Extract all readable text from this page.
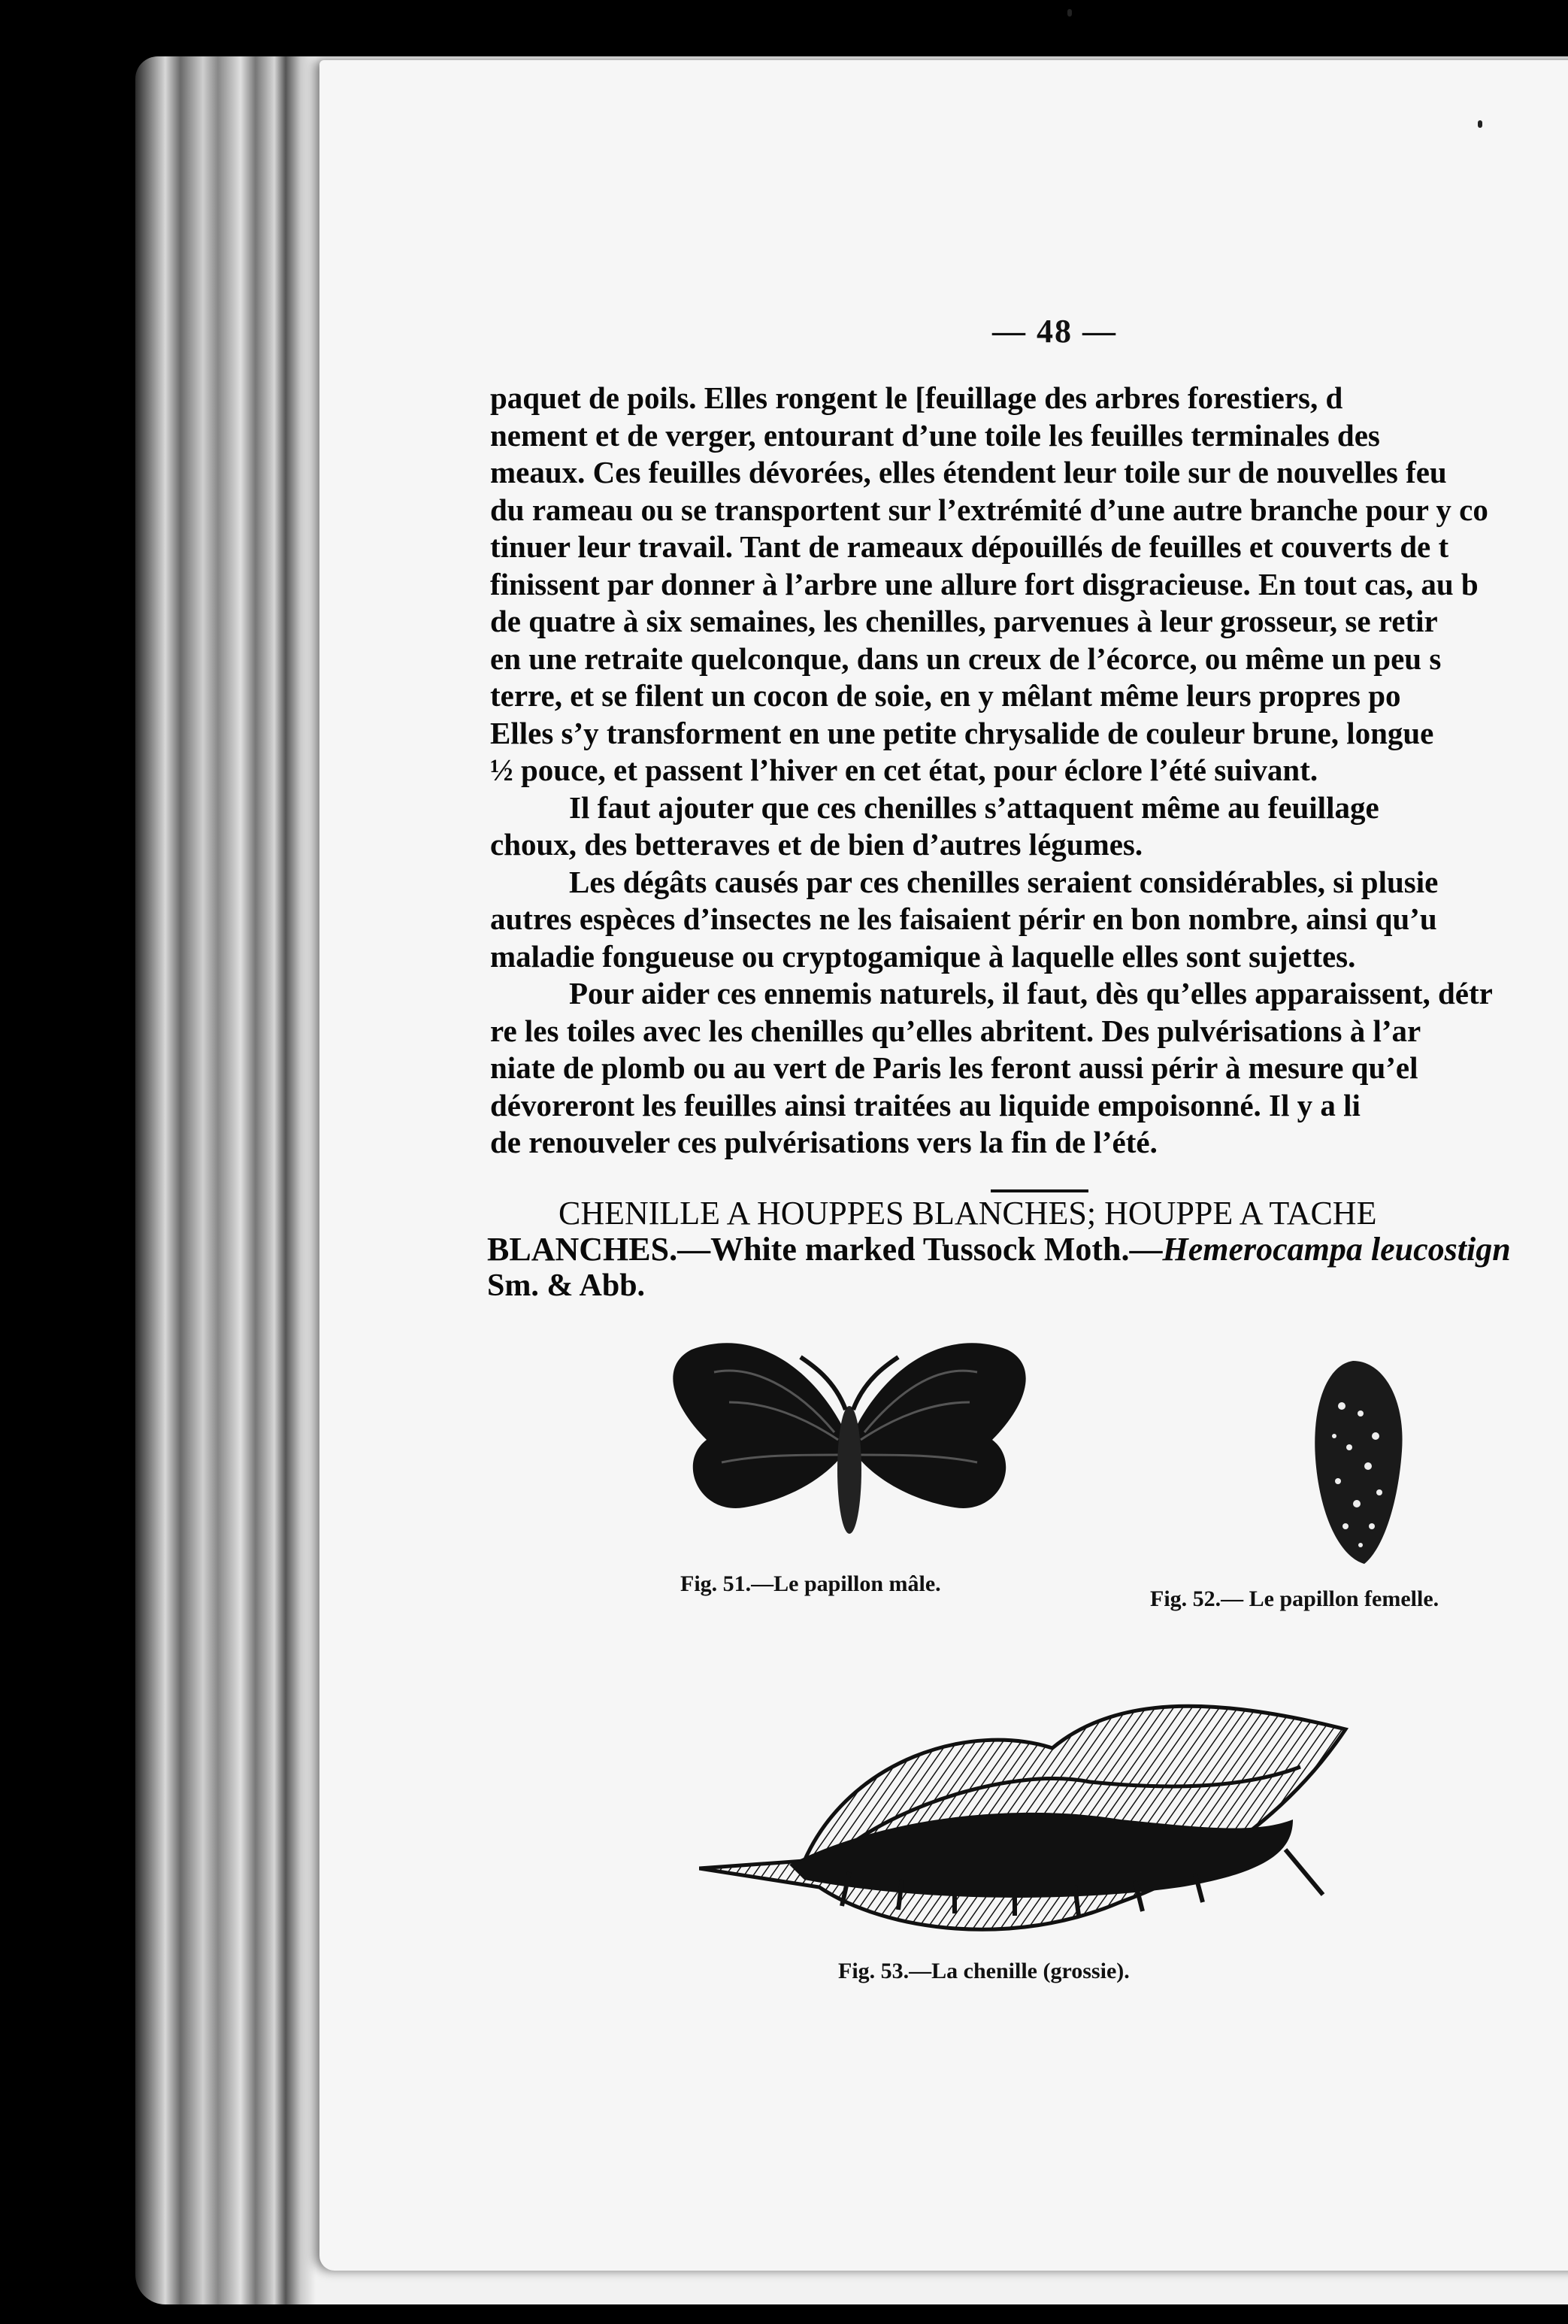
— 48 —

paquet de poils. Elles rongent le [feuillage des arbres forestiers, d

nement et de verger, entourant d’une toile les feuilles terminales des

meaux. Ces feuilles dévorées, elles étendent leur toile sur de nouvelles feu

du rameau ou se transportent sur l’extrémité d’une autre branche pour y co

tinuer leur travail. Tant de rameaux dépouillés de feuilles et couverts de t

finissent par donner à l’arbre une allure fort disgracieuse. En tout cas, au b

de quatre à six semaines, les chenilles, parvenues à leur grosseur, se retir

en une retraite quelconque, dans un creux de l’écorce, ou même un peu s

terre, et se filent un cocon de soie, en y mêlant même leurs propres po

Elles s’y transforment en une petite chrysalide de couleur brune, longue

½ pouce, et passent l’hiver en cet état, pour éclore l’été suivant.

Il faut ajouter que ces chenilles s’attaquent même au feuillage

choux, des betteraves et de bien d’autres légumes.

Les dégâts causés par ces chenilles seraient considérables, si plusie

autres espèces d’insectes ne les faisaient périr en bon nombre, ainsi qu’u

maladie fongueuse ou cryptogamique à laquelle elles sont sujettes.

Pour aider ces ennemis naturels, il faut, dès qu’elles apparaissent, détr

re les toiles avec les chenilles qu’elles abritent. Des pulvérisations à l’ar

niate de plomb ou au vert de Paris les feront aussi périr à mesure qu’el

dévoreront les feuilles ainsi traitées au liquide empoisonné. Il y a li

de renouveler ces pulvérisations vers la fin de l’été.

CHENILLE A HOUPPES BLANCHES; HOUPPE A TACHE
BLANCHES.—White marked Tussock Moth.—Hemerocampa leucostign
Sm. & Abb.
Fig. 51.—Le papillon mâle.
Fig. 52.— Le papillon femelle.
Fig. 53.—La chenille (grossie).
